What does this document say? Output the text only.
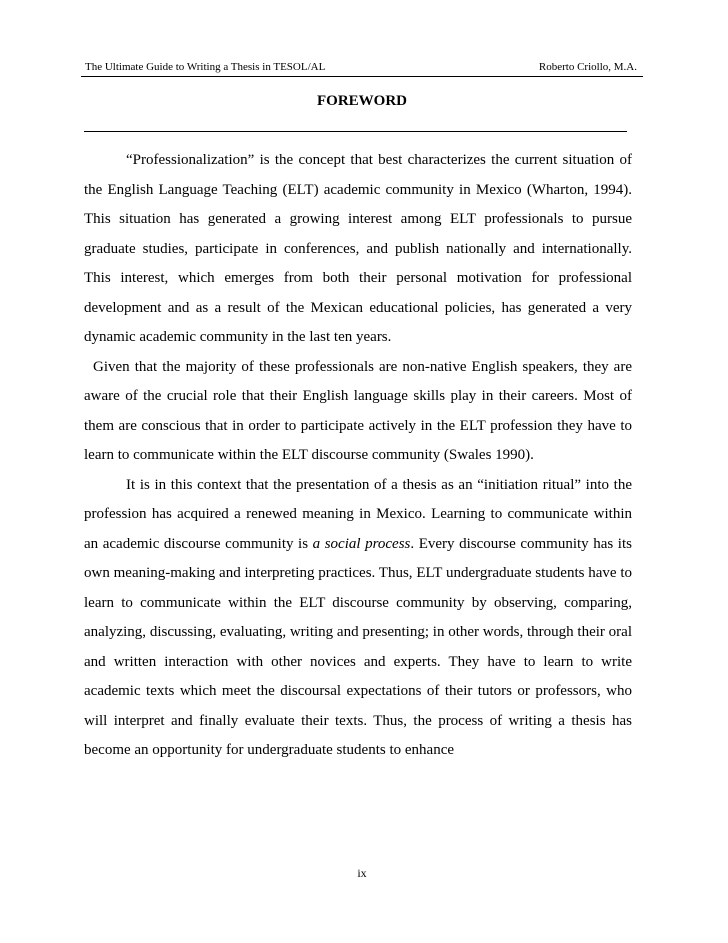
The Ultimate Guide to Writing a Thesis in TESOL/AL	Roberto Criollo, M.A.
FOREWORD

“Professionalization” is the concept that best characterizes the current situation of the English Language Teaching (ELT) academic community in Mexico (Wharton, 1994). This situation has generated a growing interest among ELT professionals to pursue graduate studies, participate in conferences, and publish nationally and internationally. This interest, which emerges from both their personal motivation for professional development and as a result of the Mexican educational policies, has generated a very dynamic academic community in the last ten years.

Given that the majority of these professionals are non-native English speakers, they are aware of the crucial role that their English language skills play in their careers. Most of them are conscious that in order to participate actively in the ELT profession they have to learn to communicate within the ELT discourse community (Swales 1990).

It is in this context that the presentation of a thesis as an “initiation ritual” into the profession has acquired a renewed meaning in Mexico. Learning to communicate within an academic discourse community is a social process. Every discourse community has its own meaning-making and interpreting practices. Thus, ELT undergraduate students have to learn to communicate within the ELT discourse community by observing, comparing, analyzing, discussing, evaluating, writing and presenting; in other words, through their oral and written interaction with other novices and experts. They have to learn to write academic texts which meet the discoursal expectations of their tutors or professors, who will interpret and finally evaluate their texts. Thus, the process of writing a thesis has become an opportunity for undergraduate students to enhance

ix
